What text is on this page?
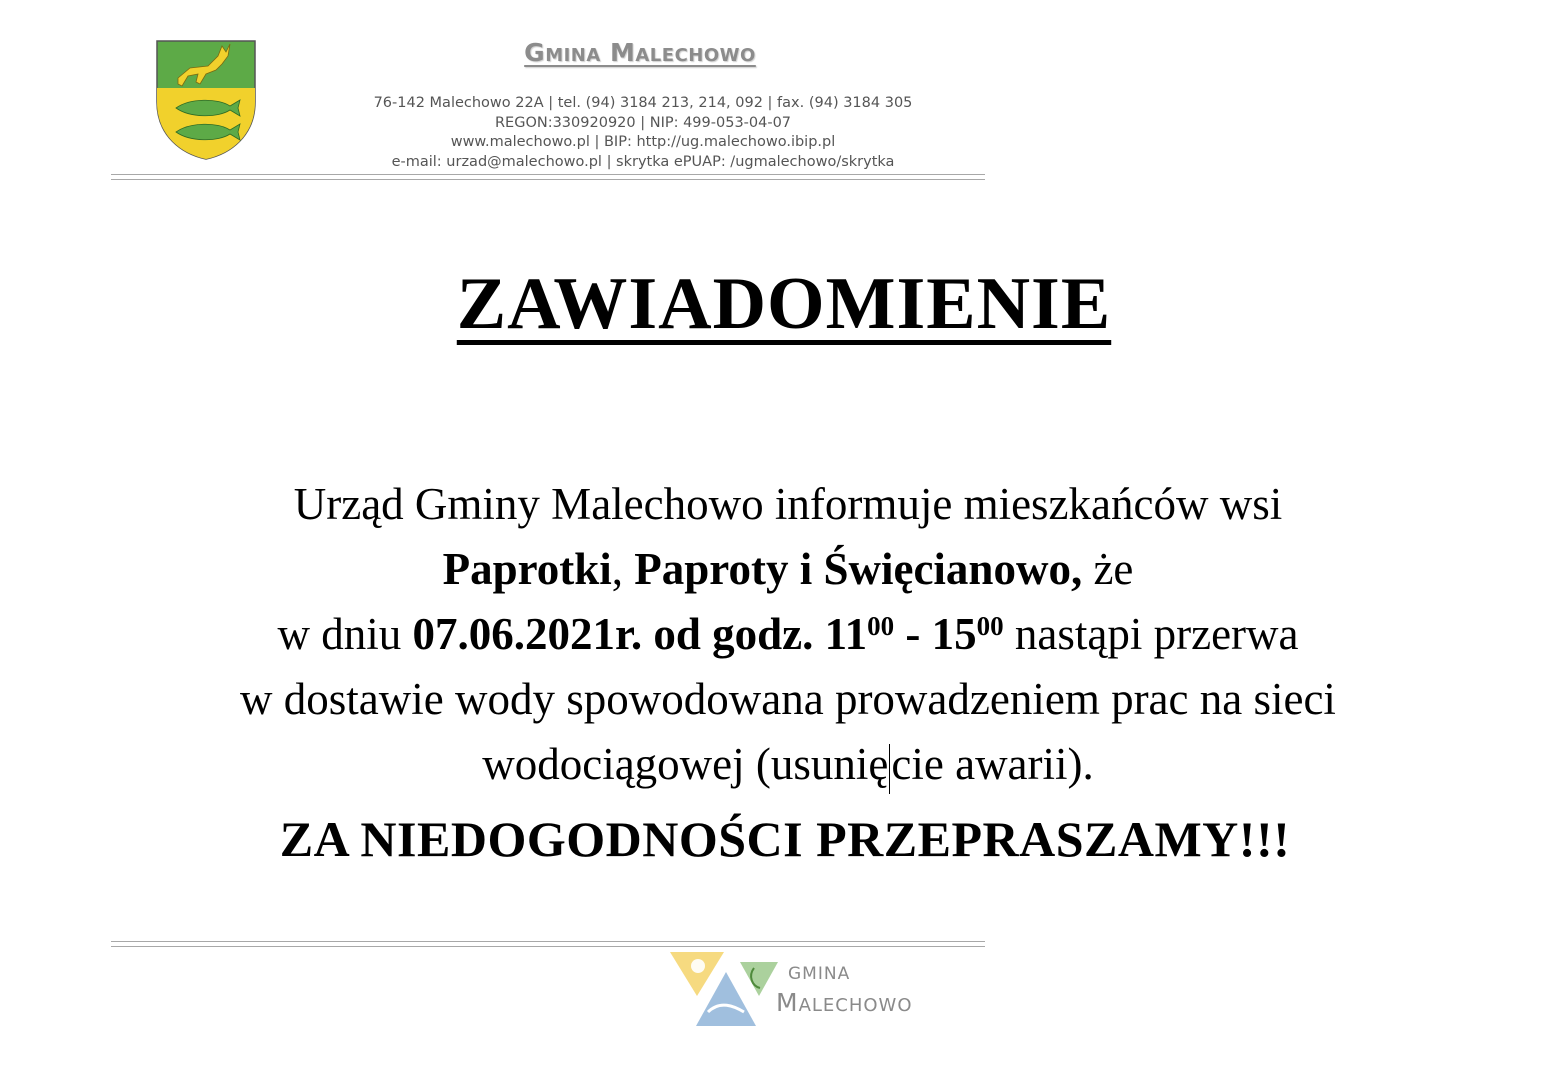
Gmina Malechowo
76-142 Malechowo 22A | tel. (94) 3184 213, 214, 092 | fax. (94) 3184 305
REGON:330920920 | NIP: 499-053-04-07
www.malechowo.pl | BIP: http://ug.malechowo.ibip.pl
e-mail: urzad@malechowo.pl | skrytka ePUAP: /ugmalechowo/skrytka
ZAWIADOMIENIE
Urząd Gminy Malechowo informuje mieszkańców wsi
Paprotki, Paproty i Święcianowo, że
w dniu 07.06.2021r. od godz. $11^{00} - 15^{00}$ nastąpi przerwa
w dostawie wody spowodowana prowadzeniem prac na sieci
wodociągowej (usunięcie awarii).
ZA NIEDOGODNOŚCI PRZEPRASZAMY!!!
GMINA
Malechowo
